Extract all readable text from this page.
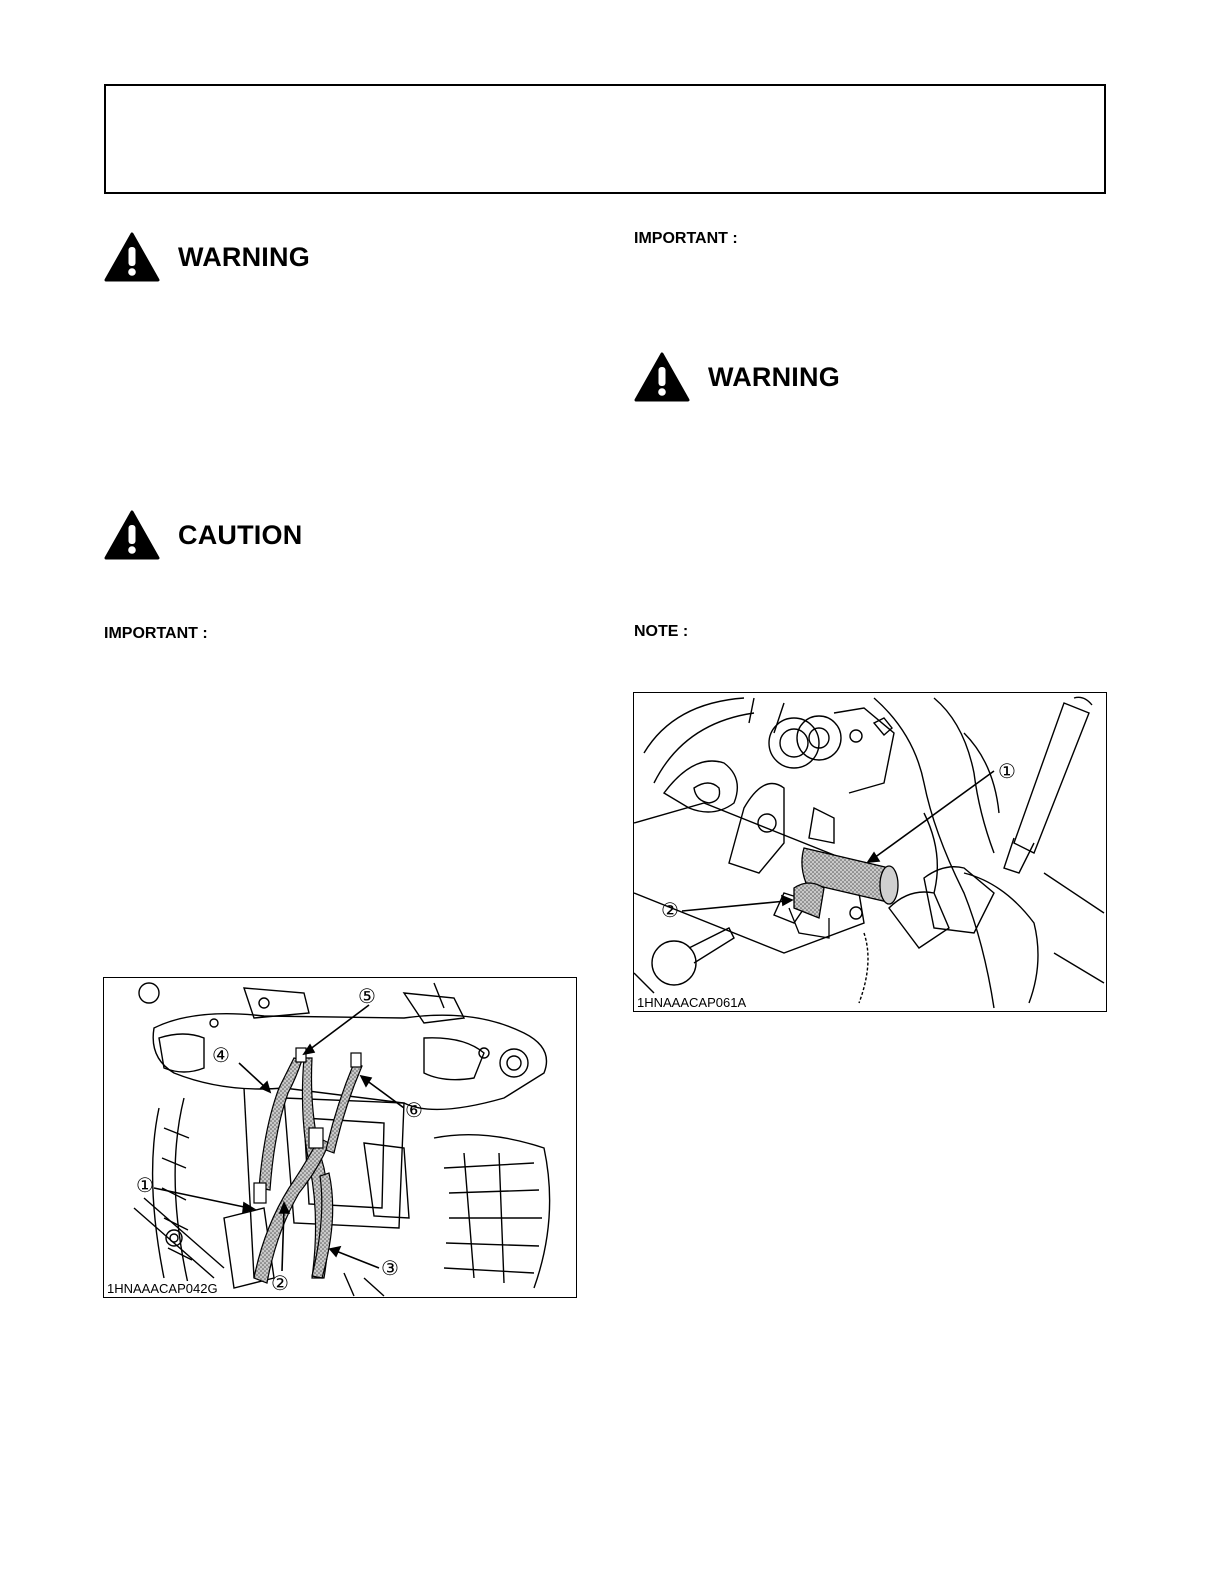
WARNING
CAUTION
IMPORTANT :
①
②
③
④
⑤
⑥
1HNAAACAP042G
IMPORTANT :
WARNING
NOTE :
①
②
1HNAAACAP061A
